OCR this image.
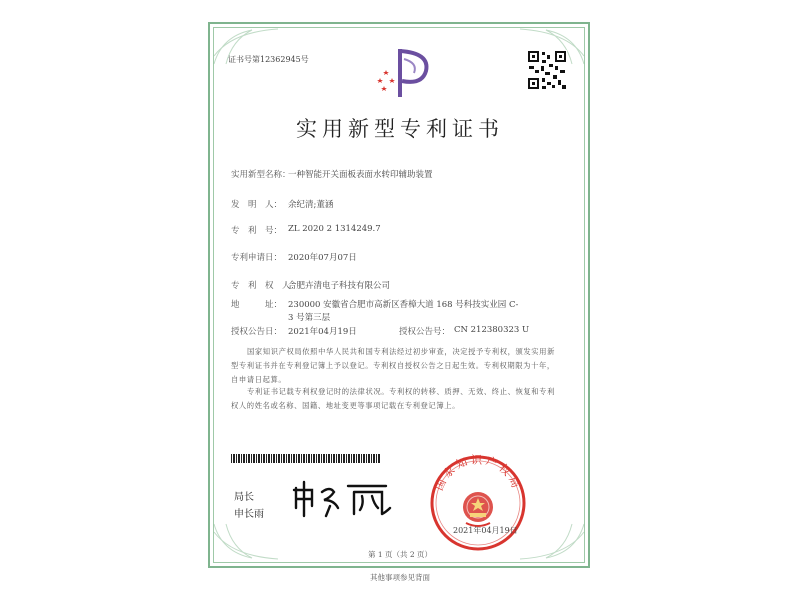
证书号第12362945号
实用新型专利证书
实用新型名称：
一种智能开关面板表面水转印辅助装置
发　明　人： 余纪清;董涵
专　利　号： ZL 2020 2 1314249.7
专利申请日： 2020年07月07日
专　利　权　人：
合肥卉清电子科技有限公司
地　　　址： 230000 安徽省合肥市高新区香樟大道 168 号科技实业园 C-
3 号第三层
授权公告日： 2021年04月19日	授权公告号： CN 212380323 U
国家知识产权局依照中华人民共和国专利法经过初步审查，决定授予专利权，颁发实用新型专利证书并在专利登记簿上予以登记。专利权自授权公告之日起生效。专利权期限为十年，自申请日起算。
专利证书记载专利权登记时的法律状况。专利权的转移、质押、无效、终止、恢复和专利权人的姓名或名称、国籍、地址变更等事项记载在专利登记簿上。
局长
申长雨
国家知识产权局
2021年04月19日
第 1 页（共 2 页）
其他事项参见背面
